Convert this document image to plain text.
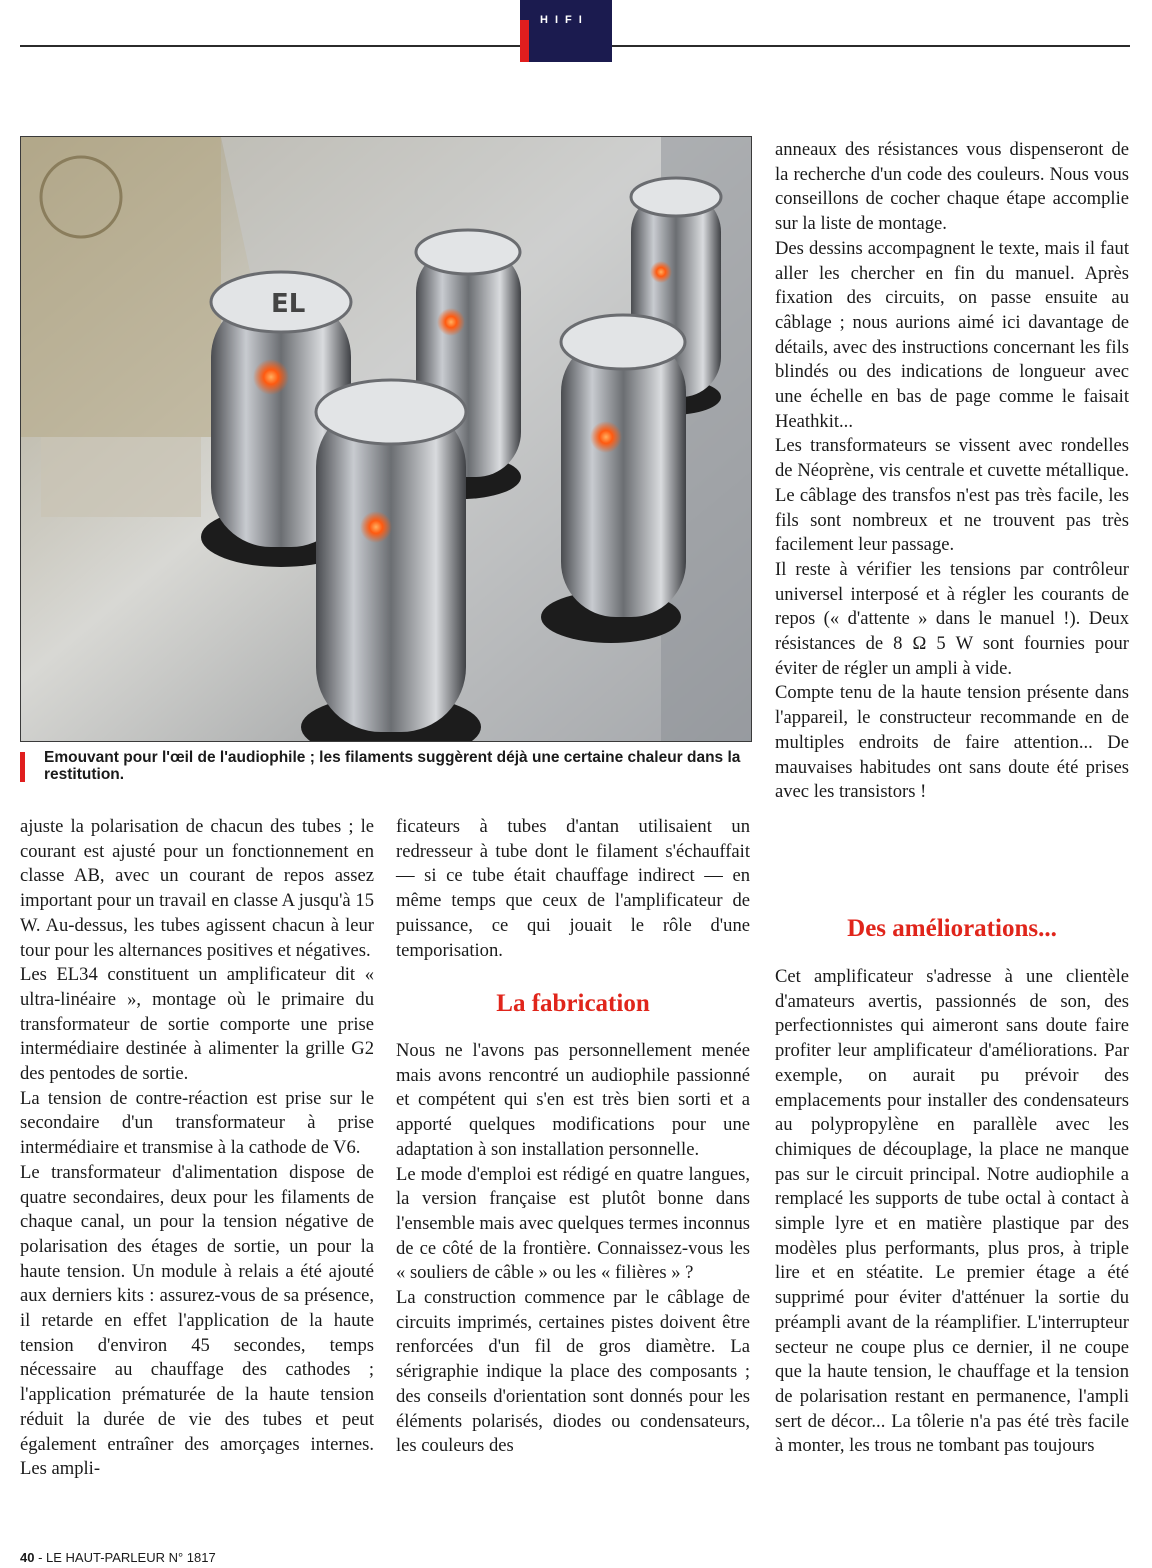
HIFI
EL

Emouvant pour l'œil de l'audiophile ; les filaments suggèrent déjà une certaine chaleur dans la restitution.

ajuste la polarisation de chacun des tubes ; le courant est ajusté pour un fonctionnement en classe AB, avec un courant de repos assez important pour un travail en classe A jusqu'à 15 W. Au-dessus, les tubes agissent chacun à leur tour pour les alternances positives et négatives.

Les EL34 constituent un amplificateur dit « ultra-linéaire », montage où le primaire du transformateur de sortie comporte une prise intermédiaire destinée à alimenter la grille G2 des pentodes de sortie.

La tension de contre-réaction est prise sur le secondaire d'un transformateur à prise intermédiaire et transmise à la cathode de V6.

Le transformateur d'alimentation dispose de quatre secondaires, deux pour les filaments de chaque canal, un pour la tension négative de polarisation des étages de sortie, un pour la haute tension. Un module à relais a été ajouté aux derniers kits : assurez-vous de sa présence, il retarde en effet l'application de la haute tension d'environ 45 secondes, temps nécessaire au chauffage des cathodes ; l'application prématurée de la haute tension réduit la durée de vie des tubes et peut également entraîner des amorçages internes. Les ampli-

ficateurs à tubes d'antan utilisaient un redresseur à tube dont le filament s'échauffait — si ce tube était chauffage indirect — en même temps que ceux de l'amplificateur de puissance, ce qui jouait le rôle d'une temporisation.

La fabrication

Nous ne l'avons pas personnellement menée mais avons rencontré un audiophile passionné et compétent qui s'en est très bien sorti et a apporté quelques modifications pour une adaptation à son installation personnelle.

Le mode d'emploi est rédigé en quatre langues, la version française est plutôt bonne dans l'ensemble mais avec quelques termes inconnus de ce côté de la frontière. Connaissez-vous les « souliers de câble » ou les « filières » ?

La construction commence par le câblage de circuits imprimés, certaines pistes doivent être renforcées d'un fil de gros diamètre. La sérigraphie indique la place des composants ; des conseils d'orientation sont donnés pour les éléments polarisés, diodes ou condensateurs, les couleurs des

anneaux des résistances vous dispenseront de la recherche d'un code des couleurs. Nous vous conseillons de cocher chaque étape accomplie sur la liste de montage.

Des dessins accompagnent le texte, mais il faut aller les chercher en fin du manuel. Après fixation des circuits, on passe ensuite au câblage ; nous aurions aimé ici davantage de détails, avec des instructions concernant les fils blindés ou des indications de longueur avec une échelle en bas de page comme le faisait Heathkit...

Les transformateurs se vissent avec rondelles de Néoprène, vis centrale et cuvette métallique. Le câblage des transfos n'est pas très facile, les fils sont nombreux et ne trouvent pas très facilement leur passage.

Il reste à vérifier les tensions par contrôleur universel interposé et à régler les courants de repos (« d'attente » dans le manuel !). Deux résistances de 8 Ω 5 W sont fournies pour éviter de régler un ampli à vide.

Compte tenu de la haute tension présente dans l'appareil, le constructeur recommande en de multiples endroits de faire attention... De mauvaises habitudes ont sans doute été prises avec les transistors !

Des améliorations...

Cet amplificateur s'adresse à une clientèle d'amateurs avertis, passionnés de son, des perfectionnistes qui aimeront sans doute faire profiter leur amplificateur d'améliorations. Par exemple, on aurait pu prévoir des emplacements pour installer des condensateurs au polypropylène en parallèle avec les chimiques de découplage, la place ne manque pas sur le circuit principal. Notre audiophile a remplacé les supports de tube octal à contact à simple lyre et en matière plastique par des modèles plus performants, plus pros, à triple lire et en stéatite. Le premier étage a été supprimé pour éviter d'atténuer la sortie du préampli avant de la réamplifier. L'interrupteur secteur ne coupe plus ce dernier, il ne coupe que la haute tension, le chauffage et la tension de polarisation restant en permanence, l'ampli sert de décor... La tôlerie n'a pas été très facile à monter, les trous ne tombant pas toujours

40 - LE HAUT-PARLEUR N° 1817
